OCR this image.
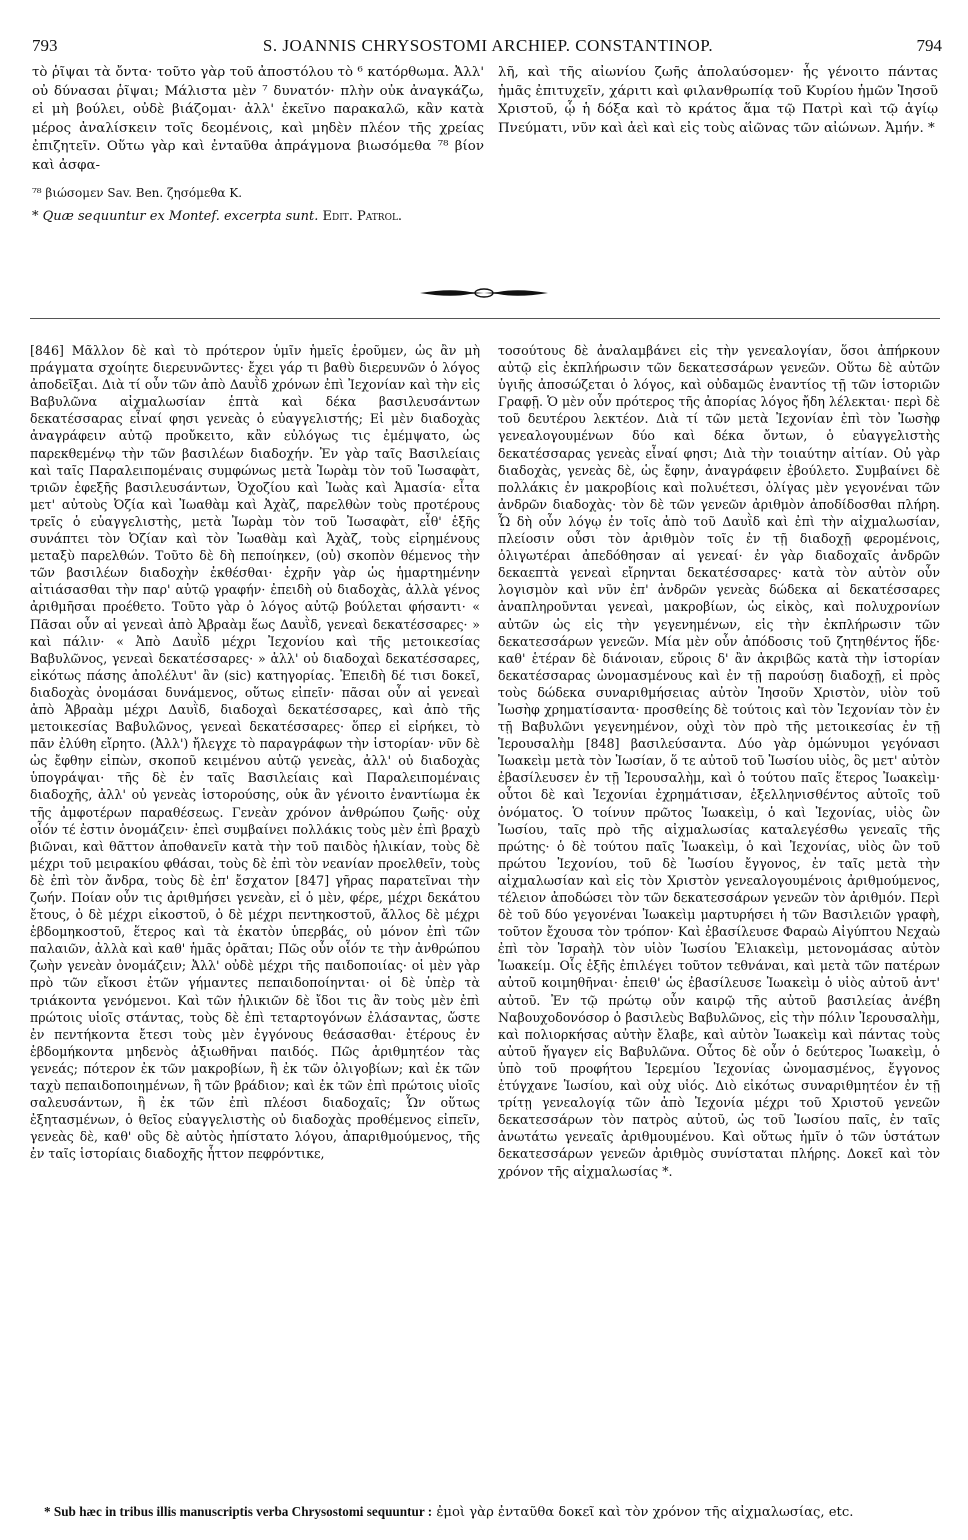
793	S. JOANNIS CHRYSOSTOMI ARCHIEP. CONSTANTINOP.	794

τὸ ῥῖψαι τὰ ὄντα· τοῦτο γὰρ τοῦ ἀποστόλου τὸ ⁶ κατόρθωμα. Ἀλλ' οὐ δύνασαι ῥῖψαι; Μάλιστα μὲν ⁷ δυνατόν· πλὴν οὐκ ἀναγκάζω, εἰ μὴ βούλει, οὐδὲ βιάζομαι· ἀλλ' ἐκεῖνο παρακαλῶ, κἂν κατὰ μέρος ἀναλίσκειν τοῖς δεομένοις, καὶ μηδὲν πλέον τῆς χρείας ἐπιζητεῖν. Οὕτω γὰρ καὶ ἐνταῦθα ἀπράγμονα βιωσόμεθα ⁷⁸ βίον καὶ ἀσφα-

⁷⁸ βιώσομεν Sav. Ben. ζησόμεθα K.

* Quæ sequuntur ex Montef. excerpta sunt. Edit. Patrol.

λῆ, καὶ τῆς αἰωνίου ζωῆς ἀπολαύσομεν· ἧς γένοιτο πάντας ἡμᾶς ἐπιτυχεῖν, χάριτι καὶ φιλανθρωπίᾳ τοῦ Κυρίου ἡμῶν Ἰησοῦ Χριστοῦ, ᾧ ἡ δόξα καὶ τὸ κράτος ἅμα τῷ Πατρὶ καὶ τῷ ἁγίῳ Πνεύματι, νῦν καὶ ἀεὶ καὶ εἰς τοὺς αἰῶνας τῶν αἰώνων. Ἀμήν. *

[846] Μᾶλλον δὲ καὶ τὸ πρότερον ὑμῖν ἡμεῖς ἐροῦμεν, ὡς ἂν μὴ πράγματα σχοίητε διερευνῶντες· ἔχει γάρ τι βαθὺ διερευνῶν ὁ λόγος ἀποδεῖξαι. Διὰ τί οὖν τῶν ἀπὸ Δαυῒδ χρόνων ἐπὶ Ἰεχονίαν καὶ τὴν εἰς Βαβυλῶνα αἰχμαλωσίαν ἑπτὰ καὶ δέκα βασιλευσάντων δεκατέσσαρας εἶναί φησι γενεὰς ὁ εὐαγγελιστής; Εἰ μὲν διαδοχὰς ἀναγράφειν αὐτῷ προὔκειτο, κἂν εὐλόγως τις ἐμέμψατο, ὡς παρεκθεμένῳ τὴν τῶν βασιλέων διαδοχήν. Ἐν γὰρ ταῖς Βασιλείαις καὶ ταῖς Παραλειπομέναις συμφώνως μετὰ Ἰωρὰμ τὸν τοῦ Ἰωσαφὰτ, τριῶν ἐφεξῆς βασιλευσάντων, Ὀχοζίου καὶ Ἰωὰς καὶ Ἀμασία· εἶτα μετ' αὐτοὺς Ὀζία καὶ Ἰωαθὰμ καὶ Ἀχὰζ, παρελθὼν τοὺς προτέρους τρεῖς ὁ εὐαγγελιστὴς, μετὰ Ἰωρὰμ τὸν τοῦ Ἰωσαφὰτ, εἶθ' ἑξῆς συνάπτει τὸν Ὀζίαν καὶ τὸν Ἰωαθὰμ καὶ Ἀχὰζ, τοὺς εἰρημένους μεταξὺ παρελθών. Τοῦτο δὲ δὴ πεποίηκεν, (οὐ) σκοπὸν θέμενος τὴν τῶν βασιλέων διαδοχὴν ἐκθέσθαι· ἐχρῆν γὰρ ὡς ἡμαρτημένην αἰτιάσασθαι τὴν παρ' αὐτῷ γραφήν· ἐπειδὴ οὐ διαδοχὰς, ἀλλὰ γένος ἀριθμῆσαι προέθετο. Τοῦτο γὰρ ὁ λόγος αὐτῷ βούλεται φήσαντι· « Πᾶσαι οὖν αἱ γενεαὶ ἀπὸ Ἀβραὰμ ἕως Δαυῒδ, γενεαὶ δεκατέσσαρες· » καὶ πάλιν· « Ἀπὸ Δαυῒδ μέχρι Ἰεχονίου καὶ τῆς μετοικεσίας Βαβυλῶνος, γενεαὶ δεκατέσσαρες· » ἀλλ' οὐ διαδοχαὶ δεκατέσσαρες, εἰκότως πάσης ἀπολέλυτ' ἂν (sic) κατηγορίας. Ἐπειδὴ δέ τισι δοκεῖ, διαδοχὰς ὀνομάσαι δυνάμενος, οὕτως εἰπεῖν· πᾶσαι οὖν αἱ γενεαὶ ἀπὸ Ἀβραὰμ μέχρι Δαυῒδ, διαδοχαὶ δεκατέσσαρες, καὶ ἀπὸ τῆς μετοικεσίας Βαβυλῶνος, γενεαὶ δεκατέσσαρες· ὅπερ εἰ εἰρήκει, τὸ πᾶν ἐλύθη εἴρητο. (Ἀλλ') ἤλεγχε τὸ παραγράφων τὴν ἱστορίαν· νῦν δὲ ὡς ἔφθην εἰπὼν, σκοποῦ κειμένου αὐτῷ γενεὰς, ἀλλ' οὐ διαδοχὰς ὑπογράψαι· τῆς δὲ ἐν ταῖς Βασιλείαις καὶ Παραλειπομέναις διαδοχῆς, ἀλλ' οὐ γενεὰς ἱστορούσης, οὐκ ἂν γένοιτο ἐναντίωμα ἐκ τῆς ἀμφοτέρων παραθέσεως. Γενεὰν χρόνον ἀνθρώπου ζωῆς· οὐχ οἷόν τέ ἐστιν ὀνομάζειν· ἐπεὶ συμβαίνει πολλάκις τοὺς μὲν ἐπὶ βραχὺ βιῶναι, καὶ θᾶττον ἀποθανεῖν κατὰ τὴν τοῦ παιδὸς ἡλικίαν, τοὺς δὲ μέχρι τοῦ μειρακίου φθάσαι, τοὺς δὲ ἐπὶ τὸν νεανίαν προελθεῖν, τοὺς δὲ ἐπὶ τὸν ἄνδρα, τοὺς δὲ ἐπ' ἔσχατον [847] γῆρας παρατεῖναι τὴν ζωήν. Ποίαν οὖν τις ἀριθμήσει γενεὰν, εἰ ὁ μὲν, φέρε, μέχρι δεκάτου ἔτους, ὁ δὲ μέχρι εἰκοστοῦ, ὁ δὲ μέχρι πεντηκοστοῦ, ἄλλος δὲ μέχρι ἑβδομηκοστοῦ, ἕτερος καὶ τὰ ἑκατὸν ὑπερβάς, οὐ μόνον ἐπὶ τῶν παλαιῶν, ἀλλὰ καὶ καθ' ἡμᾶς ὁρᾶται; Πῶς οὖν οἷόν τε τὴν ἀνθρώπου ζωὴν γενεὰν ὀνομάζειν; Ἀλλ' οὐδὲ μέχρι τῆς παιδοποιίας· οἱ μὲν γὰρ πρὸ τῶν εἴκοσι ἐτῶν γήμαντες πεπαιδοποίηνται· οἱ δὲ ὑπὲρ τὰ τριάκοντα γενόμενοι. Καὶ τῶν ἡλικιῶν δὲ ἴδοι τις ἂν τοὺς μὲν ἐπὶ πρώτοις υἱοῖς στάντας, τοὺς δὲ ἐπὶ τεταρτογόνων ἐλάσαντας, ὥστε ἐν πεντήκοντα ἔτεσι τοὺς μὲν ἐγγόνους θεάσασθαι· ἑτέρους ἐν ἑβδομήκοντα μηδενὸς ἀξιωθῆναι παιδός. Πῶς ἀριθμητέον τὰς γενεάς; πότερον ἐκ τῶν μακροβίων, ἢ ἐκ τῶν ὀλιγοβίων; καὶ ἐκ τῶν ταχὺ πεπαιδοποιημένων, ἢ τῶν βράδιον; καὶ ἐκ τῶν ἐπὶ πρώτοις υἱοῖς σαλευσάντων, ἢ ἐκ τῶν ἐπὶ πλέοσι διαδοχαῖς; Ὧν οὕτως ἐξητασμένων, ὁ θεῖος εὐαγγελιστὴς οὐ διαδοχὰς προθέμενος εἰπεῖν, γενεὰς δὲ, καθ' οὓς δὲ αὐτὸς ἠπίστατο λόγου, ἀπαριθμούμενος, τῆς ἐν ταῖς ἱστορίαις διαδοχῆς ἧττον πεφρόντικε,

τοσούτους δὲ ἀναλαμβάνει εἰς τὴν γενεαλογίαν, ὅσοι ἀπήρκουν αὐτῷ εἰς ἐκπλήρωσιν τῶν δεκατεσσάρων γενεῶν. Οὕτω δὲ αὐτῶν ὑγιῆς ἀποσώζεται ὁ λόγος, καὶ οὐδαμῶς ἐναντίος τῇ τῶν ἱστοριῶν Γραφῇ. Ὁ μὲν οὖν πρότερος τῆς ἀπορίας λόγος ἤδη λέλεκται· περὶ δὲ τοῦ δευτέρου λεκτέον. Διὰ τί τῶν μετὰ Ἰεχονίαν ἐπὶ τὸν Ἰωσὴφ γενεαλογουμένων δύο καὶ δέκα ὄντων, ὁ εὐαγγελιστὴς δεκατέσσαρας γενεὰς εἶναί φησι; Διὰ τὴν τοιαύτην αἰτίαν. Οὐ γὰρ διαδοχὰς, γενεὰς δὲ, ὡς ἔφην, ἀναγράφειν ἐβούλετο. Συμβαίνει δὲ πολλάκις ἐν μακροβίοις καὶ πολυέτεσι, ὀλίγας μὲν γεγονέναι τῶν ἀνδρῶν διαδοχὰς· τὸν δὲ τῶν γενεῶν ἀριθμὸν ἀποδίδοσθαι πλήρη. Ὧ δὴ οὖν λόγῳ ἐν τοῖς ἀπὸ τοῦ Δαυῒδ καὶ ἐπὶ τὴν αἰχμαλωσίαν, πλείοσιν οὖσι τὸν ἀριθμὸν τοῖς ἐν τῇ διαδοχῇ φερομένοις, ὀλιγωτέραι ἀπεδόθησαν αἱ γενεαί· ἐν γὰρ διαδοχαῖς ἀνδρῶν δεκαεπτὰ γενεαὶ εἴρηνται δεκατέσσαρες· κατὰ τὸν αὐτὸν οὖν λογισμὸν καὶ νῦν ἐπ' ἀνδρῶν γενεὰς δώδεκα αἱ δεκατέσσαρες ἀναπληροῦνται γενεαὶ, μακροβίων, ὡς εἰκὸς, καὶ πολυχρονίων αὐτῶν ὡς εἰς τὴν γεγενημένων, εἰς τὴν ἐκπλήρωσιν τῶν δεκατεσσάρων γενεῶν. Μία μὲν οὖν ἀπόδοσις τοῦ ζητηθέντος ἥδε· καθ' ἑτέραν δὲ διάνοιαν, εὕροις δ' ἂν ἀκριβῶς κατὰ τὴν ἱστορίαν δεκατέσσαρας ὠνομασμένους καὶ ἐν τῇ παρούσῃ διαδοχῇ, εἰ πρὸς τοὺς δώδεκα συναριθμήσειας αὐτὸν Ἰησοῦν Χριστὸν, υἱὸν τοῦ Ἰωσὴφ χρηματίσαντα· προσθείης δὲ τούτοις καὶ τὸν Ἰεχονίαν τὸν ἐν τῇ Βαβυλῶνι γεγενημένον, οὐχὶ τὸν πρὸ τῆς μετοικεσίας ἐν τῇ Ἱερουσαλὴμ [848] βασιλεύσαντα. Δύο γὰρ ὁμώνυμοι γεγόνασι Ἰωακεὶμ μετὰ τὸν Ἰωσίαν, ὅ τε αὐτοῦ τοῦ Ἰωσίου υἱὸς, ὃς μετ' αὐτὸν ἐβασίλευσεν ἐν τῇ Ἱερουσαλὴμ, καὶ ὁ τούτου παῖς ἕτερος Ἰωακεὶμ· οὗτοι δὲ καὶ Ἰεχονίαι ἐχρημάτισαν, ἐξελληνισθέντος αὐτοῖς τοῦ ὀνόματος. Ὁ τοίνυν πρῶτος Ἰωακεὶμ, ὁ καὶ Ἰεχονίας, υἱὸς ὢν Ἰωσίου, ταῖς πρὸ τῆς αἰχμαλωσίας καταλεγέσθω γενεαῖς τῆς πρώτης· ὁ δὲ τούτου παῖς Ἰωακεὶμ, ὁ καὶ Ἰεχονίας, υἱὸς ὢν τοῦ πρώτου Ἰεχονίου, τοῦ δὲ Ἰωσίου ἔγγονος, ἐν ταῖς μετὰ τὴν αἰχμαλωσίαν καὶ εἰς τὸν Χριστὸν γενεαλογουμένοις ἀριθμούμενος, τέλειον ἀποδώσει τὸν τῶν δεκατεσσάρων γενεῶν τὸν ἀριθμόν. Περὶ δὲ τοῦ δύο γεγονέναι Ἰωακεὶμ μαρτυρήσει ἡ τῶν Βασιλειῶν γραφὴ, τοῦτον ἔχουσα τὸν τρόπον· Καὶ ἐβασίλευσε Φαραὼ Αἰγύπτου Νεχαὼ ἐπὶ τὸν Ἰσραὴλ τὸν υἱὸν Ἰωσίου Ἐλιακεὶμ, μετονομάσας αὐτὸν Ἰωακείμ. Οἷς ἑξῆς ἐπιλέγει τοῦτον τεθνάναι, καὶ μετὰ τῶν πατέρων αὐτοῦ κοιμηθῆναι· ἐπειθ' ὡς ἐβασίλευσε Ἰωακεὶμ ὁ υἱὸς αὐτοῦ ἀντ' αὐτοῦ. Ἐν τῷ πρώτῳ οὖν καιρῷ τῆς αὐτοῦ βασιλείας ἀνέβη Ναβουχοδονόσορ ὁ βασιλεὺς Βαβυλῶνος, εἰς τὴν πόλιν Ἱερουσαλὴμ, καὶ πολιορκήσας αὐτὴν ἔλαβε, καὶ αὐτὸν Ἰωακεὶμ καὶ πάντας τοὺς αὐτοῦ ἤγαγεν εἰς Βαβυλῶνα. Οὗτος δὲ οὖν ὁ δεύτερος Ἰωακεὶμ, ὁ ὑπὸ τοῦ προφήτου Ἱερεμίου Ἰεχονίας ὠνομασμένος, ἔγγονος ἐτύγχανε Ἰωσίου, καὶ οὐχ υἱός. Διὸ εἰκότως συναριθμητέον ἐν τῇ τρίτῃ γενεαλογίᾳ τῶν ἀπὸ Ἰεχονία μέχρι τοῦ Χριστοῦ γενεῶν δεκατεσσάρων τὸν πατρὸς αὐτοῦ, ὡς τοῦ Ἰωσίου παῖς, ἐν ταῖς ἀνωτάτω γενεαῖς ἀριθμουμένου. Καὶ οὕτως ἡμῖν ὁ τῶν ὑστάτων δεκατεσσάρων γενεῶν ἀριθμὸς συνίσταται πλήρης. Δοκεῖ καὶ τὸν χρόνον τῆς αἰχμαλωσίας *.

* Sub hæc in tribus illis manuscriptis verba Chrysostomi sequuntur : ἐμοὶ γὰρ ἐνταῦθα δοκεῖ καὶ τὸν χρόνον τῆς αἰχμαλωσίας, etc.
